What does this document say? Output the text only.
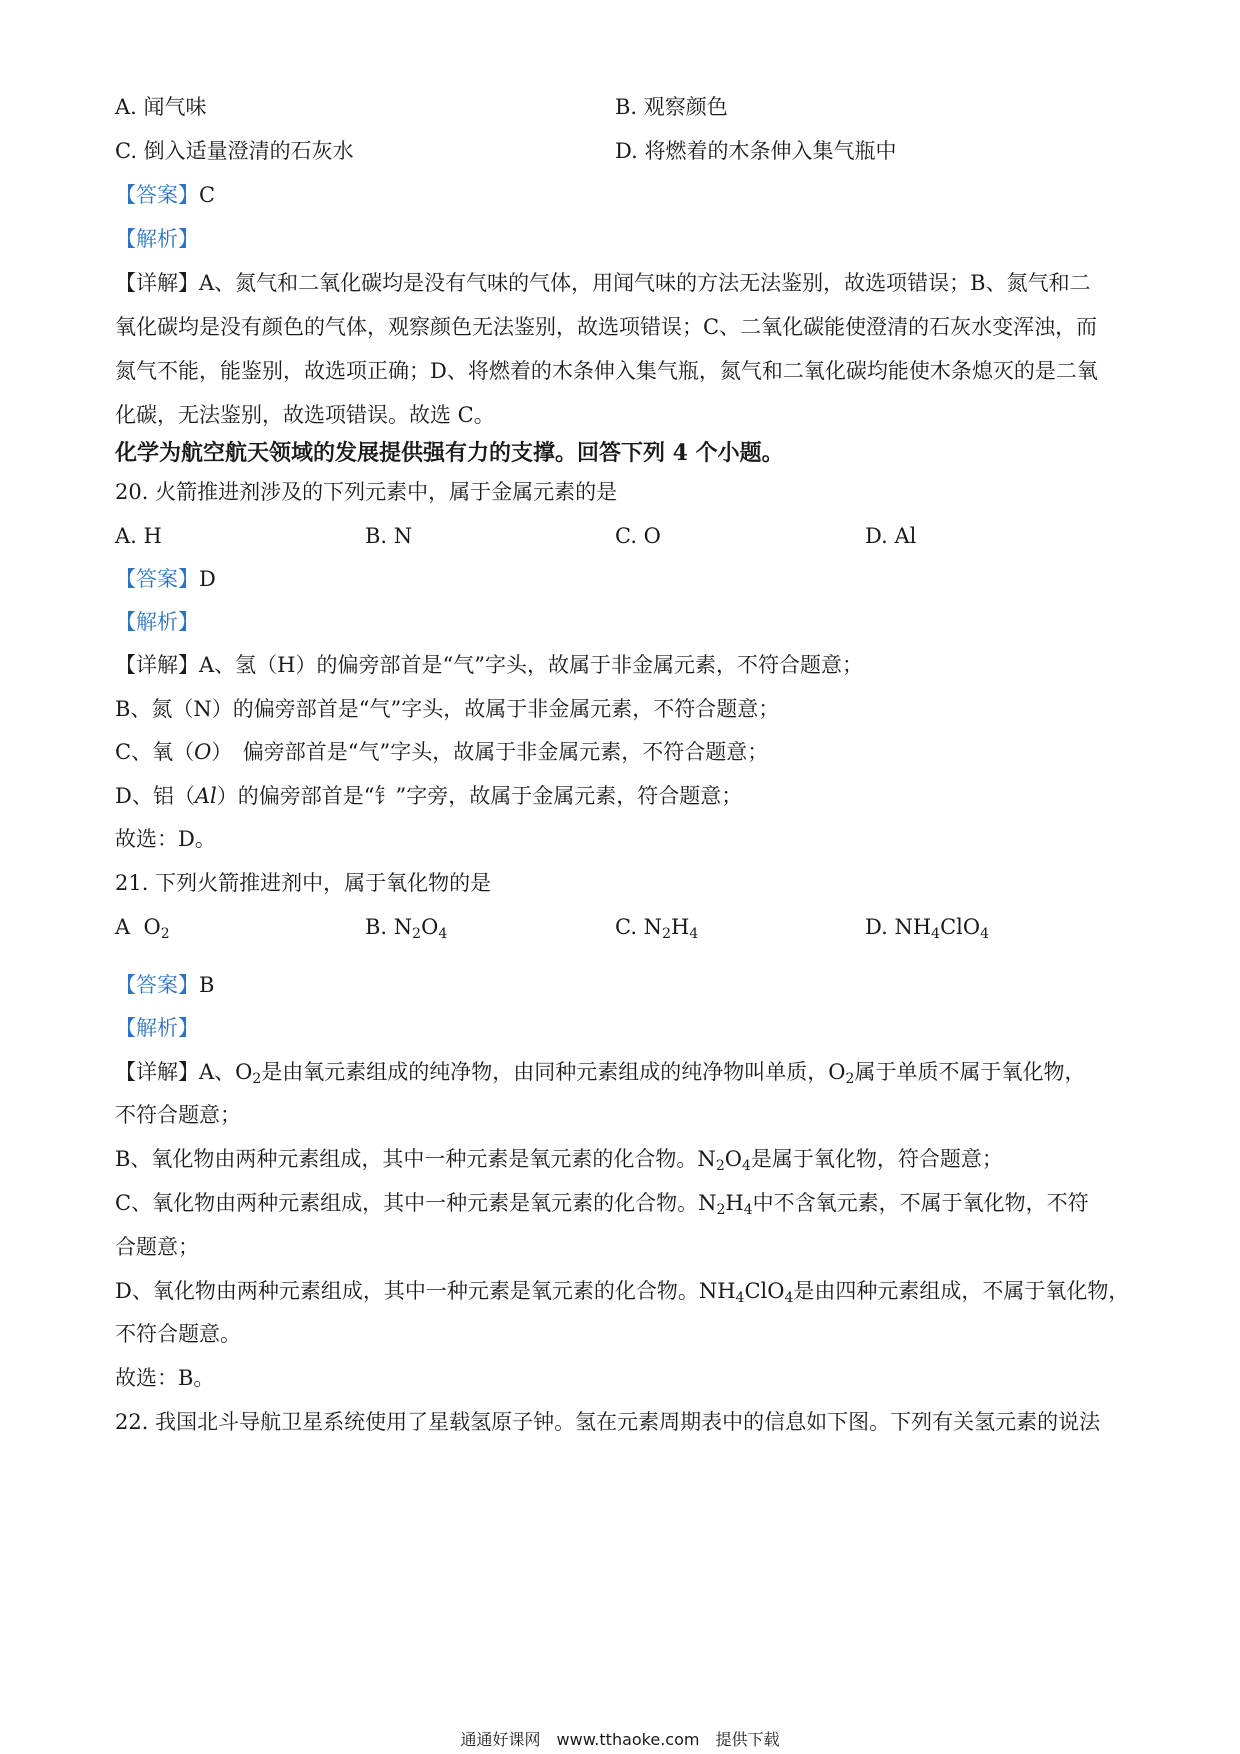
A. 闻气味	B. 观察颜色
C. 倒入适量澄清的石灰水	D. 将燃着的木条伸入集气瓶中
【答案】C
【解析】
【详解】A、氮气和二氧化碳均是没有气味的气体，用闻气味的方法无法鉴别，故选项错误；B、氮气和二
氧化碳均是没有颜色的气体，观察颜色无法鉴别，故选项错误；C、二氧化碳能使澄清的石灰水变浑浊，而
氮气不能，能鉴别，故选项正确；D、将燃着的木条伸入集气瓶，氮气和二氧化碳均能使木条熄灭的是二氧
化碳，无法鉴别，故选项错误。故选 C。
化学为航空航天领域的发展提供强有力的支撑。回答下列 4 个小题。
20. 火箭推进剂涉及的下列元素中，属于金属元素的是
A. H	B. N	C. O	D. Al
【答案】D
【解析】
【详解】A、氢（H）的偏旁部首是“气”字头，故属于非金属元素，不符合题意；
B、氮（N）的偏旁部首是“气”字头，故属于非金属元素，不符合题意；
C、氧（O）　偏旁部首是“气”字头，故属于非金属元素，不符合题意；
D、铝（Al）的偏旁部首是“钅”字旁，故属于金属元素，符合题意；
故选：D。
21. 下列火箭推进剂中，属于氧化物的是
A  $O_2$	B. $N_2O_4$	C. $N_2H_4$	D. $NH_4ClO_4$
【答案】B
【解析】
【详解】A、$O_2$是由氧元素组成的纯净物，由同种元素组成的纯净物叫单质，$O_2$属于单质不属于氧化物，
不符合题意；
B、氧化物由两种元素组成，其中一种元素是氧元素的化合物。$N_2O_4$是属于氧化物，符合题意；
C、氧化物由两种元素组成，其中一种元素是氧元素的化合物。$N_2H_4$中不含氧元素，不属于氧化物，不符
合题意；
D、氧化物由两种元素组成，其中一种元素是氧元素的化合物。$NH_4ClO_4$是由四种元素组成，不属于氧化物，
不符合题意。
故选：B。
22. 我国北斗导航卫星系统使用了星载氢原子钟。氢在元素周期表中的信息如下图。下列有关氢元素的说法
通通好课网　www.tthaoke.com　提供下载
